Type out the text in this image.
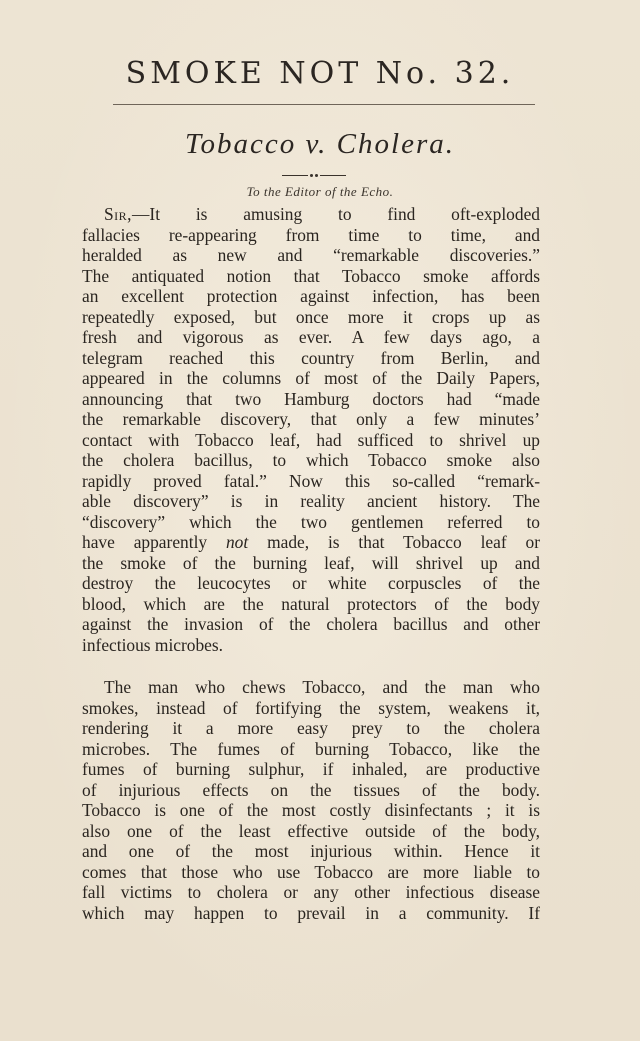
SMOKE NOT No. 32.
Tobacco v. Cholera.
To the Editor of the Echo.
Sir,—It is amusing to find oft-exploded
fallacies re-appearing from time to time, and
heralded as new and “remarkable discoveries.”
The antiquated notion that Tobacco smoke affords
an excellent protection against infection, has been
repeatedly exposed, but once more it crops up as
fresh and vigorous as ever. A few days ago, a
telegram reached this country from Berlin, and
appeared in the columns of most of the Daily Papers,
announcing that two Hamburg doctors had “made
the remarkable discovery, that only a few minutes’
contact with Tobacco leaf, had sufficed to shrivel up
the cholera bacillus, to which Tobacco smoke also
rapidly proved fatal.” Now this so-called “remark-
able discovery” is in reality ancient history. The
“discovery” which the two gentlemen referred to
have apparently not made, is that Tobacco leaf or
the smoke of the burning leaf, will shrivel up and
destroy the leucocytes or white corpuscles of the
blood, which are the natural protectors of the body
against the invasion of the cholera bacillus and other
infectious microbes.
The man who chews Tobacco, and the man who
smokes, instead of fortifying the system, weakens it,
rendering it a more easy prey to the cholera
microbes. The fumes of burning Tobacco, like the
fumes of burning sulphur, if inhaled, are productive
of injurious effects on the tissues of the body.
Tobacco is one of the most costly disinfectants ; it is
also one of the least effective outside of the body,
and one of the most injurious within. Hence it
comes that those who use Tobacco are more liable to
fall victims to cholera or any other infectious disease
which may happen to prevail in a community. If
